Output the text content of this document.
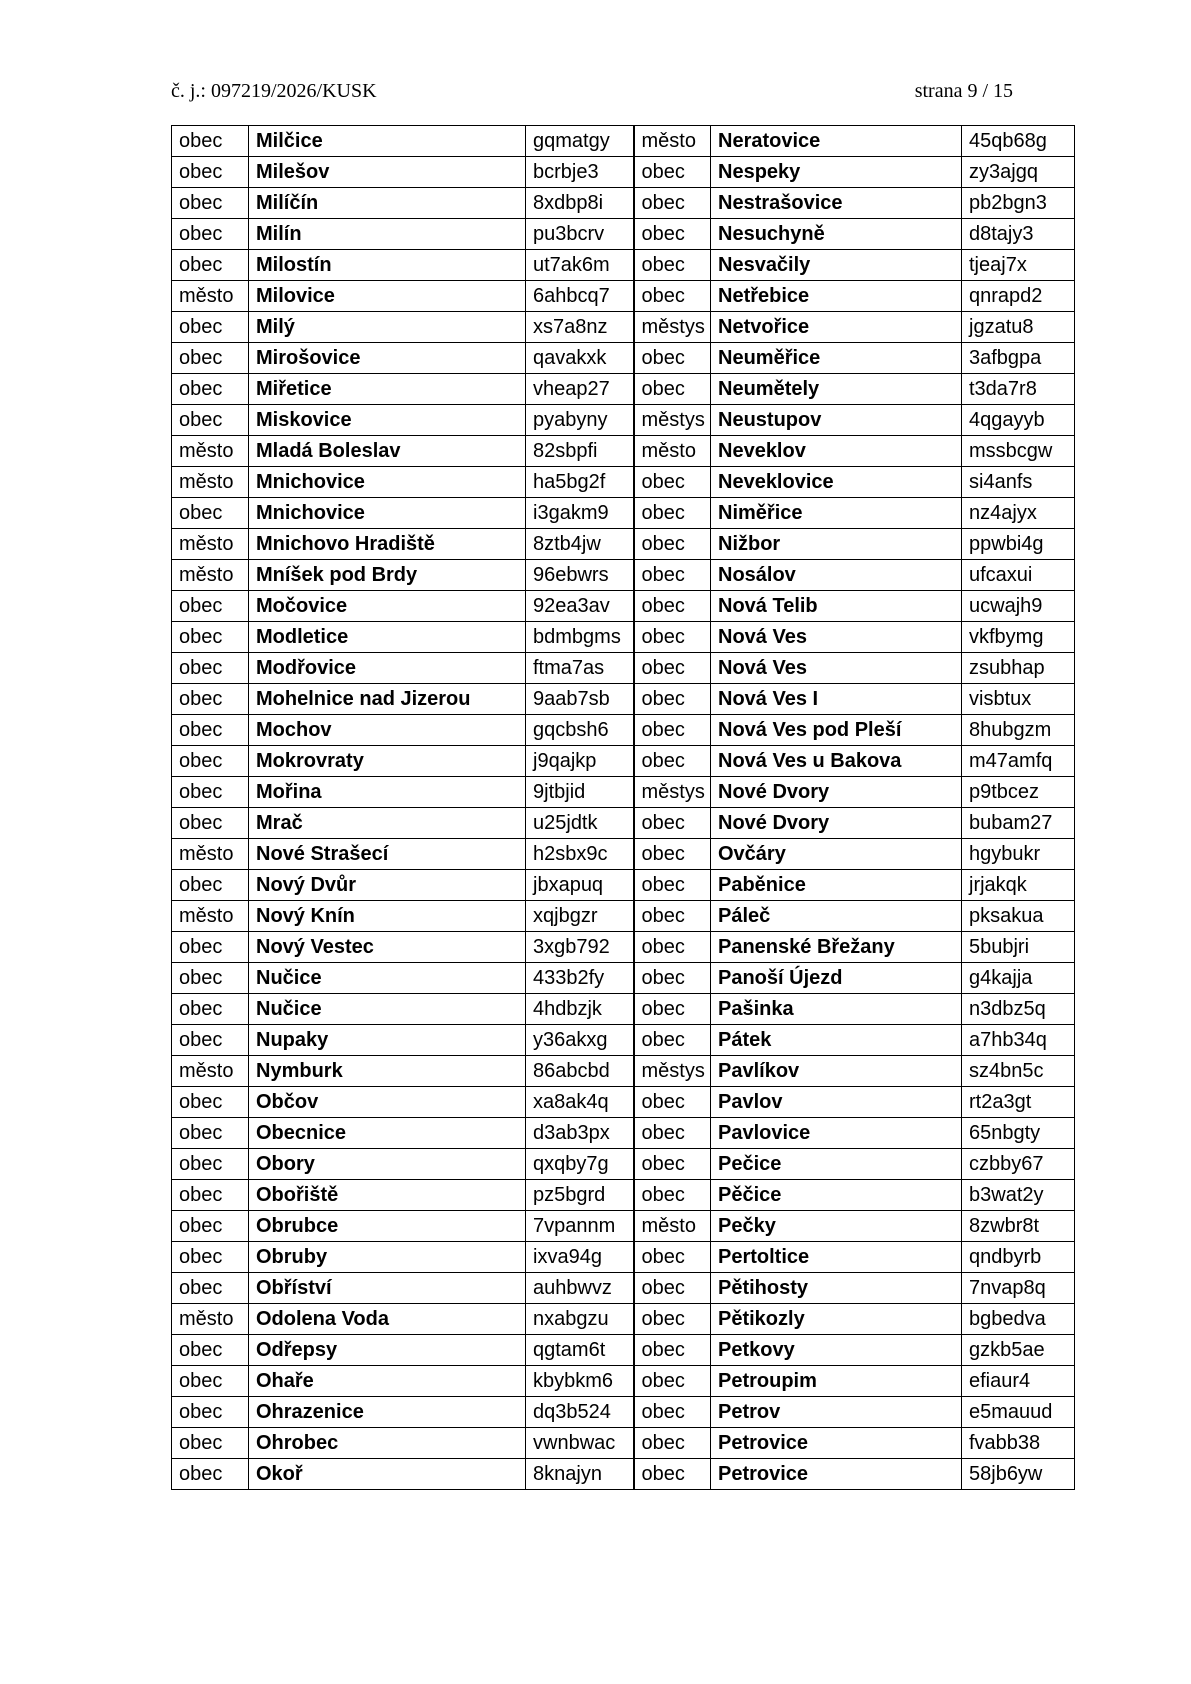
č. j.: 097219/2026/KUSK	strana 9 / 15
obec	Milčice	gqmatgy	město	Neratovice	45qb68g
obec	Milešov	bcrbje3	obec	Nespeky	zy3ajgq
obec	Milíčín	8xdbp8i	obec	Nestrašovice	pb2bgn3
obec	Milín	pu3bcrv	obec	Nesuchyně	d8tajy3
obec	Milostín	ut7ak6m	obec	Nesvačily	tjeaj7x
město	Milovice	6ahbcq7	obec	Netřebice	qnrapd2
obec	Milý	xs7a8nz	městys	Netvořice	jgzatu8
obec	Mirošovice	qavakxk	obec	Neuměřice	3afbgpa
obec	Miřetice	vheap27	obec	Neumětely	t3da7r8
obec	Miskovice	pyabyny	městys	Neustupov	4qgayyb
město	Mladá Boleslav	82sbpfi	město	Neveklov	mssbcgw
město	Mnichovice	ha5bg2f	obec	Neveklovice	si4anfs
obec	Mnichovice	i3gakm9	obec	Niměřice	nz4ajyx
město	Mnichovo Hradiště	8ztb4jw	obec	Nižbor	ppwbi4g
město	Mníšek pod Brdy	96ebwrs	obec	Nosálov	ufcaxui
obec	Močovice	92ea3av	obec	Nová Telib	ucwajh9
obec	Modletice	bdmbgms	obec	Nová Ves	vkfbymg
obec	Modřovice	ftma7as	obec	Nová Ves	zsubhap
obec	Mohelnice nad Jizerou	9aab7sb	obec	Nová Ves I	visbtux
obec	Mochov	gqcbsh6	obec	Nová Ves pod Pleší	8hubgzm
obec	Mokrovraty	j9qajkp	obec	Nová Ves u Bakova	m47amfq
obec	Mořina	9jtbjid	městys	Nové Dvory	p9tbcez
obec	Mrač	u25jdtk	obec	Nové Dvory	bubam27
město	Nové Strašecí	h2sbx9c	obec	Ovčáry	hgybukr
obec	Nový Dvůr	jbxapuq	obec	Paběnice	jrjakqk
město	Nový Knín	xqjbgzr	obec	Páleč	pksakua
obec	Nový Vestec	3xgb792	obec	Panenské Břežany	5bubjri
obec	Nučice	433b2fy	obec	Panoší Újezd	g4kajja
obec	Nučice	4hdbzjk	obec	Pašinka	n3dbz5q
obec	Nupaky	y36akxg	obec	Pátek	a7hb34q
město	Nymburk	86abcbd	městys	Pavlíkov	sz4bn5c
obec	Občov	xa8ak4q	obec	Pavlov	rt2a3gt
obec	Obecnice	d3ab3px	obec	Pavlovice	65nbgty
obec	Obory	qxqby7g	obec	Pečice	czbby67
obec	Obořiště	pz5bgrd	obec	Pěčice	b3wat2y
obec	Obrubce	7vpannm	město	Pečky	8zwbr8t
obec	Obruby	ixva94g	obec	Pertoltice	qndbyrb
obec	Obříství	auhbwvz	obec	Pětihosty	7nvap8q
město	Odolena Voda	nxabgzu	obec	Pětikozly	bgbedva
obec	Odřepsy	qgtam6t	obec	Petkovy	gzkb5ae
obec	Ohaře	kbybkm6	obec	Petroupim	efiaur4
obec	Ohrazenice	dq3b524	obec	Petrov	e5mauud
obec	Ohrobec	vwnbwac	obec	Petrovice	fvabb38
obec	Okoř	8knajyn	obec	Petrovice	58jb6yw
